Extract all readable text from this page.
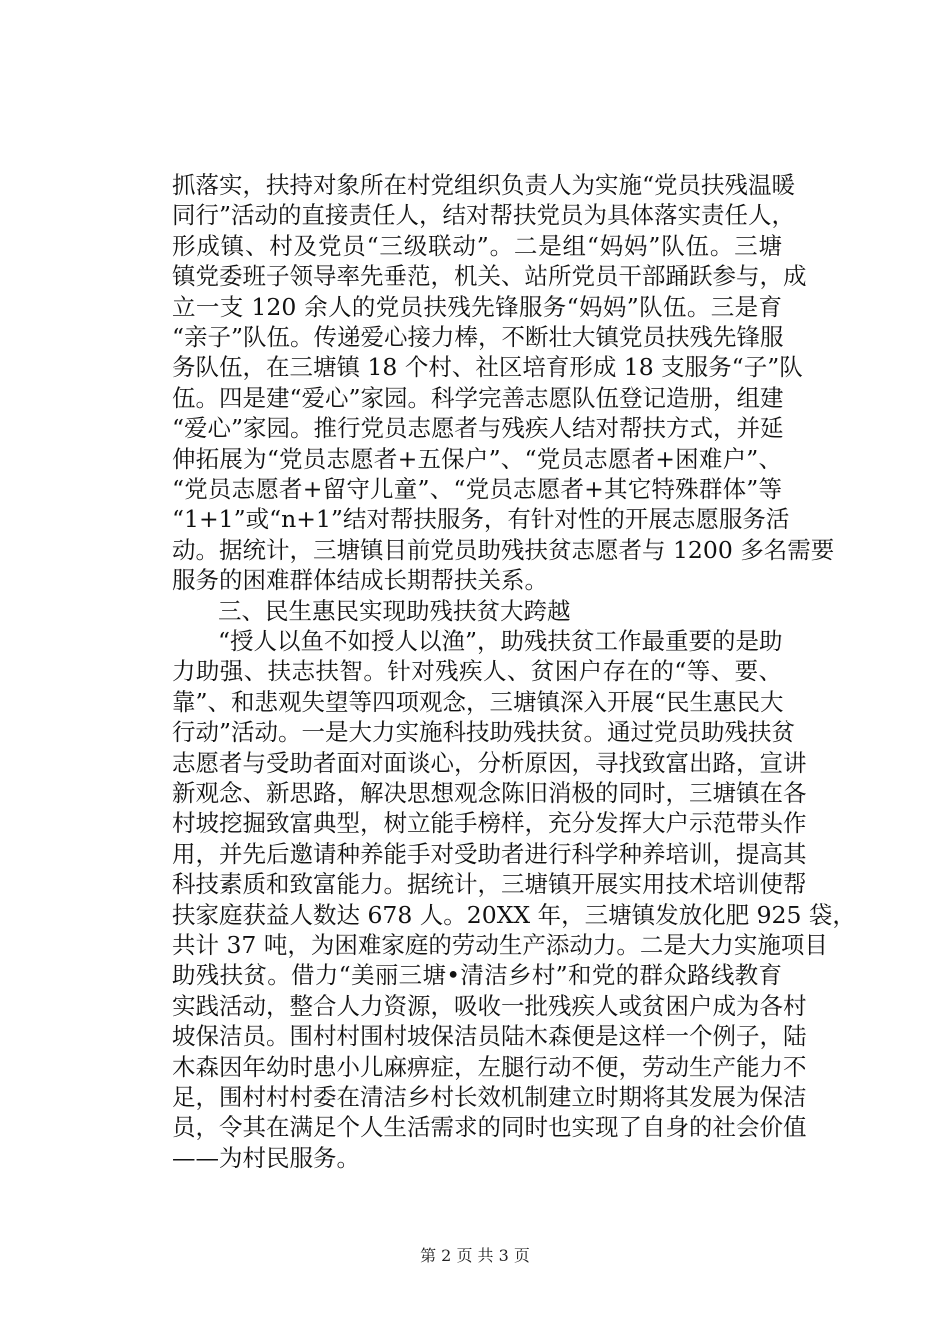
抓落实，扶持对象所在村党组织负责人为实施“党员扶残温暖
同行”活动的直接责任人，结对帮扶党员为具体落实责任人，
形成镇、村及党员“三级联动”。二是组“妈妈”队伍。三塘
镇党委班子领导率先垂范，机关、站所党员干部踊跃参与，成
立一支 120 余人的党员扶残先锋服务“妈妈”队伍。三是育
“亲子”队伍。传递爱心接力棒，不断壮大镇党员扶残先锋服
务队伍，在三塘镇 18 个村、社区培育形成 18 支服务“子”队
伍。四是建“爱心”家园。科学完善志愿队伍登记造册，组建
“爱心”家园。推行党员志愿者与残疾人结对帮扶方式，并延
伸拓展为“党员志愿者+五保户”、“党员志愿者+困难户”、
“党员志愿者+留守儿童”、“党员志愿者+其它特殊群体”等
“1+1”或“n+1”结对帮扶服务，有针对性的开展志愿服务活
动。据统计，三塘镇目前党员助残扶贫志愿者与 1200 多名需要
服务的困难群体结成长期帮扶关系。
三、民生惠民实现助残扶贫大跨越
“授人以鱼不如授人以渔”，助残扶贫工作最重要的是助
力助强、扶志扶智。针对残疾人、贫困户存在的“等、要、
靠”、和悲观失望等四项观念，三塘镇深入开展“民生惠民大
行动”活动。一是大力实施科技助残扶贫。通过党员助残扶贫
志愿者与受助者面对面谈心，分析原因，寻找致富出路，宣讲
新观念、新思路，解决思想观念陈旧消极的同时，三塘镇在各
村坡挖掘致富典型，树立能手榜样，充分发挥大户示范带头作
用，并先后邀请种养能手对受助者进行科学种养培训，提高其
科技素质和致富能力。据统计，三塘镇开展实用技术培训使帮
扶家庭获益人数达 678 人。20XX 年，三塘镇发放化肥 925 袋，
共计 37 吨，为困难家庭的劳动生产添动力。二是大力实施项目
助残扶贫。借力“美丽三塘•清洁乡村”和党的群众路线教育
实践活动，整合人力资源，吸收一批残疾人或贫困户成为各村
坡保洁员。围村村围村坡保洁员陆木森便是这样一个例子，陆
木森因年幼时患小儿麻痹症，左腿行动不便，劳动生产能力不
足，围村村村委在清洁乡村长效机制建立时期将其发展为保洁
第 2 页 共 3 页
员，令其在满足个人生活需求的同时也实现了自身的社会价值
——为村民服务。
